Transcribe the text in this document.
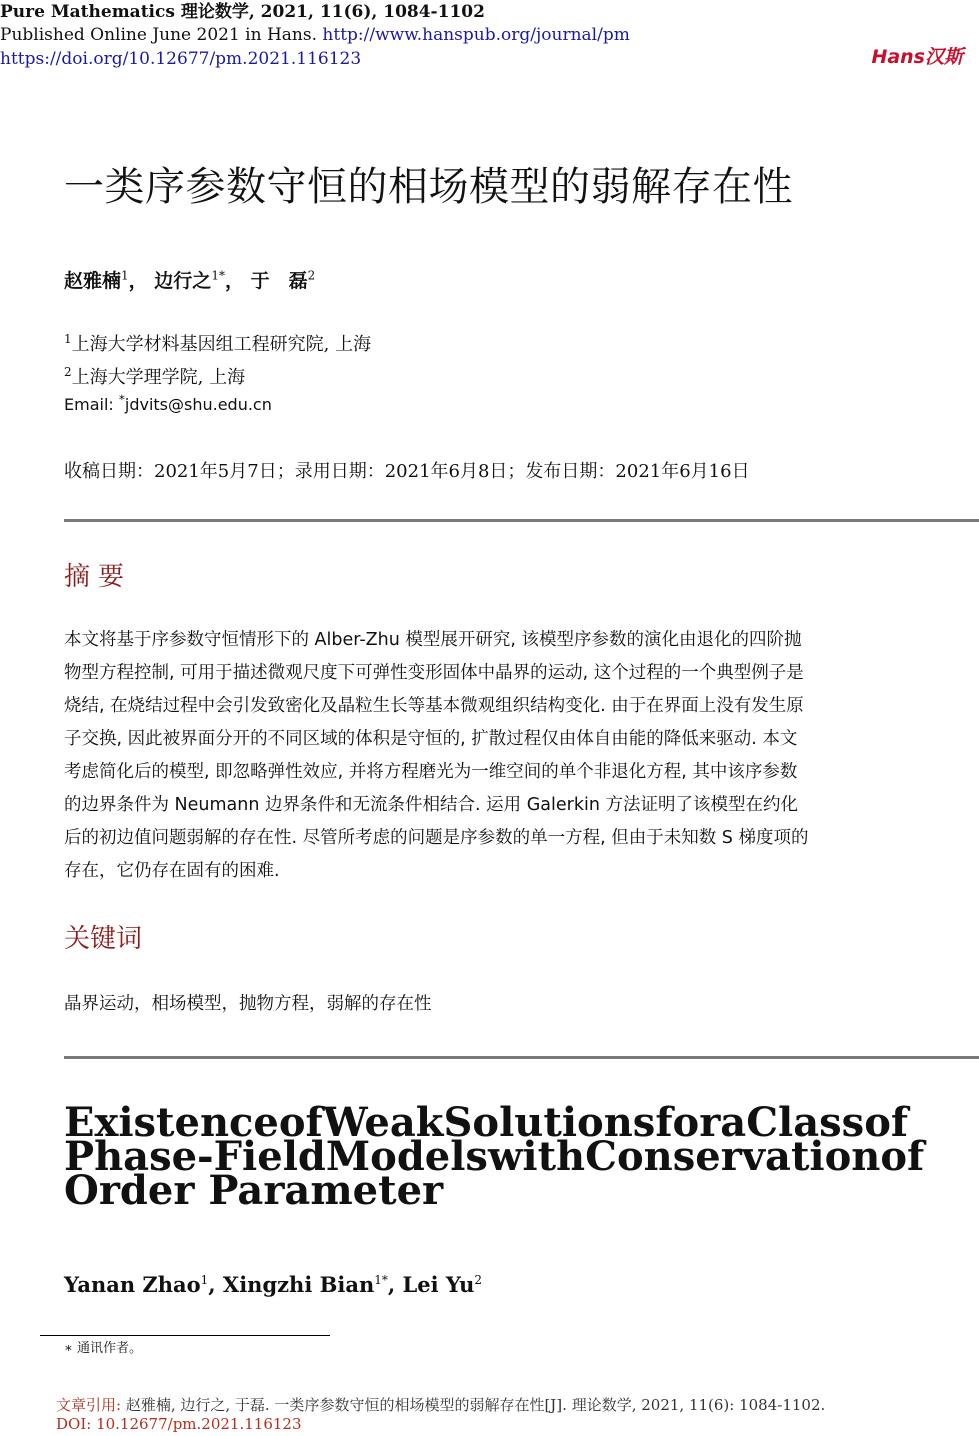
Pure Mathematics 理论数学, 2021, 11(6), 1084-1102
Published Online June 2021 in Hans. http://www.hanspub.org/journal/pm
https://doi.org/10.12677/pm.2021.116123	Hans汉斯
一类序参数守恒的相场模型的弱解存在性
赵雅楠$^1$， 边行之$^{1*}$， 于　磊$^2$
$^1$上海大学材料基因组工程研究院, 上海
$^2$上海大学理学院, 上海
Email: *jdvits@shu.edu.cn
收稿日期：2021年5月7日；录用日期：2021年6月8日；发布日期：2021年6月16日
摘要
本文将基于序参数守恒情形下的 Alber-Zhu 模型展开研究, 该模型序参数的演化由退化的四阶抛
物型方程控制, 可用于描述微观尺度下可弹性变形固体中晶界的运动, 这个过程的一个典型例子是
烧结, 在烧结过程中会引发致密化及晶粒生长等基本微观组织结构变化. 由于在界面上没有发生原
子交换, 因此被界面分开的不同区域的体积是守恒的, 扩散过程仅由体自由能的降低来驱动. 本文
考虑简化后的模型, 即忽略弹性效应, 并将方程磨光为一维空间的单个非退化方程, 其中该序参数
的边界条件为 Neumann 边界条件和无流条件相结合. 运用 Galerkin 方法证明了该模型在约化
后的初边值问题弱解的存在性. 尽管所考虑的问题是序参数的单一方程, 但由于未知数 S 梯度项的
存在，它仍存在固有的困难.
关键词
晶界运动，相场模型，抛物方程，弱解的存在性
ExistenceofWeakSolutionsforaClassof
Phase-FieldModelswithConservationof
Order Parameter
Yanan Zhao$^1$, Xingzhi Bian$^{1*}$, Lei Yu$^2$
∗ 通讯作者。
文章引用: 赵雅楠, 边行之, 于磊. 一类序参数守恒的相场模型的弱解存在性[J]. 理论数学, 2021, 11(6): 1084-1102.
DOI: 10.12677/pm.2021.116123
